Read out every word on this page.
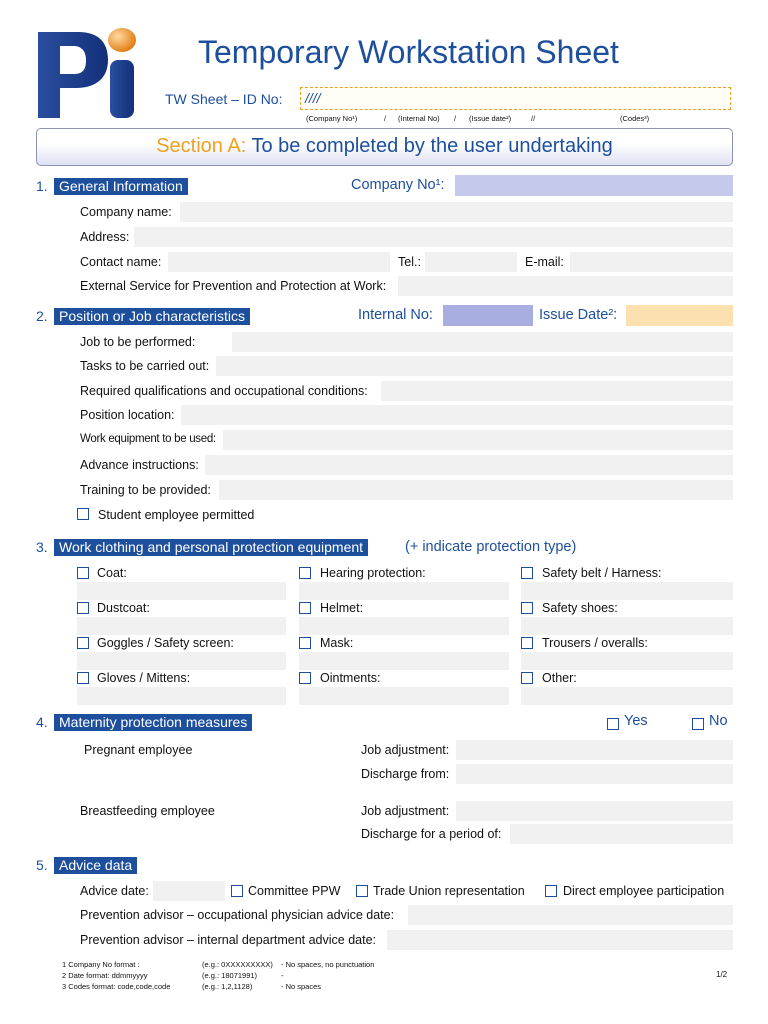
Temporary Workstation Sheet
TW Sheet – ID No: ////
(Company No¹)	/ (Internal No) / (Issue date²)	//	(Codes³)
Section A: To be completed by the user undertaking
1. General Information	Company No¹:
Company name:
Address:
Contact name:	Tel.:	E-mail:
External Service for Prevention and Protection at Work:
2. Position or Job characteristics	Internal No:	Issue Date²:
Job to be performed:
Tasks to be carried out:
Required qualifications and occupational conditions:
Position location:
Work equipment to be used:
Advance instructions:
Training to be provided:
Student employee permitted
3. Work clothing and personal protection equipment	(+ indicate protection type)
Coat:	Hearing protection:	Safety belt / Harness:
Dustcoat:	Helmet:	Safety shoes:
Goggles / Safety screen:	Mask:	Trousers / overalls:
Gloves / Mittens:	Ointments:	Other:
4. Maternity protection measures	Yes	No
Pregnant employee	Job adjustment:
Discharge from:
Breastfeeding employee	Job adjustment:
Discharge for a period of:
5. Advice data
Advice date:	Committee PPW	Trade Union representation	Direct employee participation
Prevention advisor – occupational physician advice date:
Prevention advisor – internal department advice date:
1 Company No format :	(e.g.: 0XXXXXXXXX) - No spaces, no punctuation
2 Date format: ddmmyyyy	(e.g.: 18071991)	-
3 Codes format: code,code,code	(e.g.: 1,2,1128)	- No spaces
1/2
